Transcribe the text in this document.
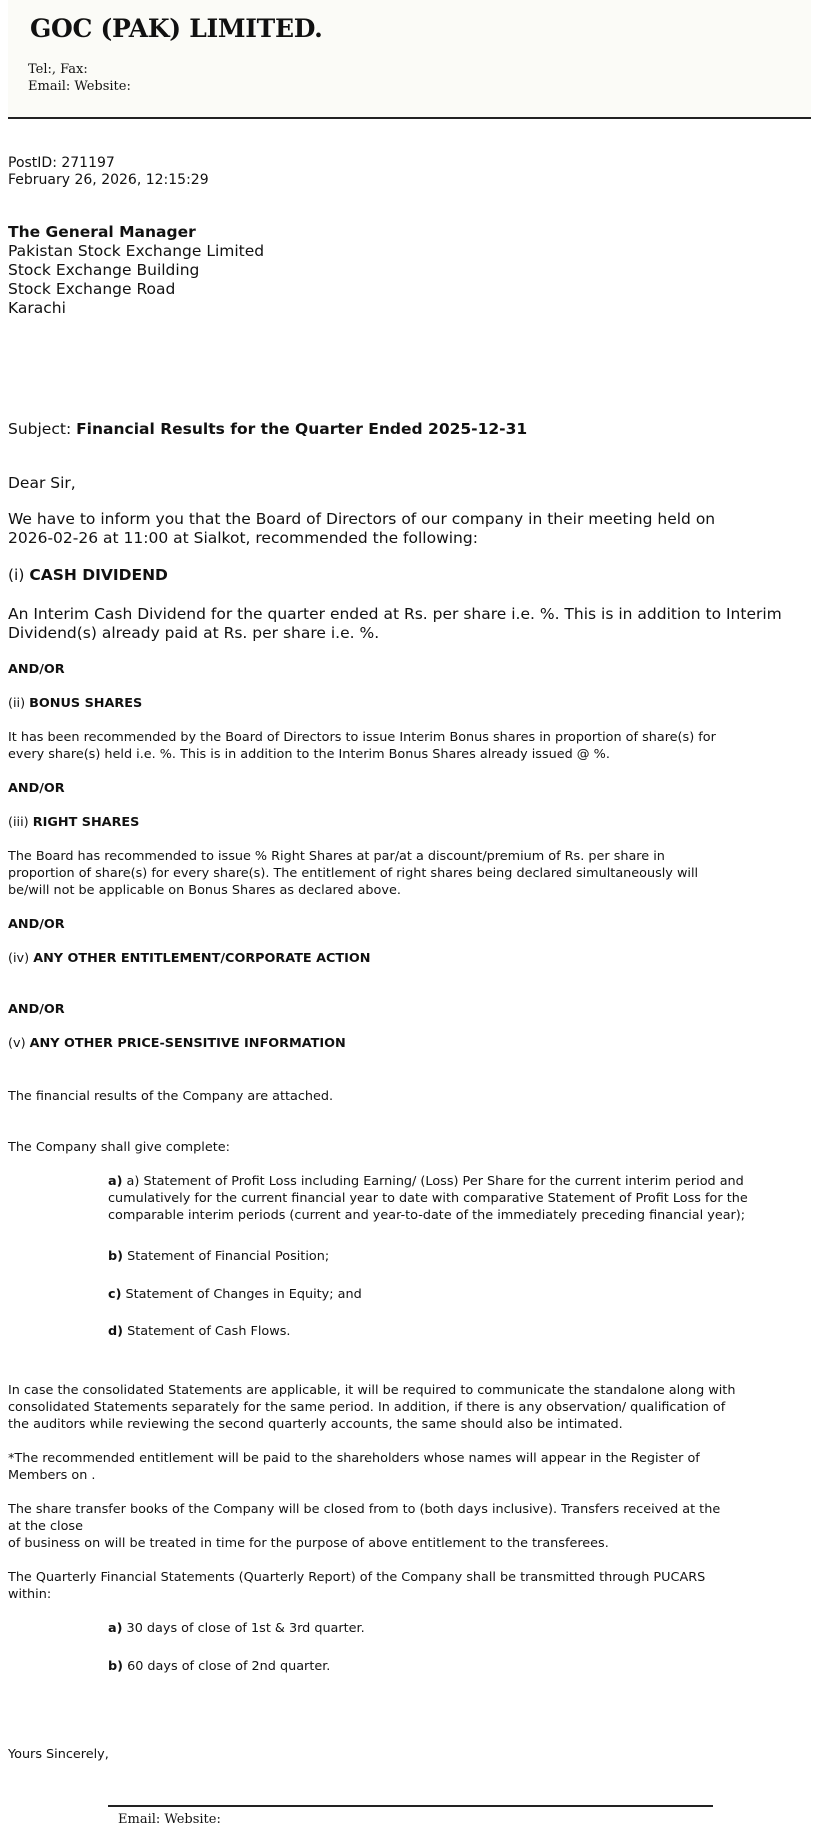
GOC (PAK) LIMITED.
Tel:, Fax:
Email: Website:
PostID: 271197
February 26, 2026, 12:15:29
The General Manager
Pakistan Stock Exchange Limited
Stock Exchange Building
Stock Exchange Road
Karachi
Subject: Financial Results for the Quarter Ended 2025-12-31
Dear Sir,
We have to inform you that the Board of Directors of our company in their meeting held on
2026-02-26 at 11:00 at Sialkot, recommended the following:
(i) CASH DIVIDEND
An Interim Cash Dividend for the quarter ended at Rs. per share i.e. %. This is in addition to Interim
Dividend(s) already paid at Rs. per share i.e. %.
AND/OR
(ii) BONUS SHARES
It has been recommended by the Board of Directors to issue Interim Bonus shares in proportion of share(s) for
every share(s) held i.e. %. This is in addition to the Interim Bonus Shares already issued @ %.
AND/OR
(iii) RIGHT SHARES
The Board has recommended to issue % Right Shares at par/at a discount/premium of Rs. per share in
proportion of share(s) for every share(s). The entitlement of right shares being declared simultaneously will
be/will not be applicable on Bonus Shares as declared above.
AND/OR
(iv) ANY OTHER ENTITLEMENT/CORPORATE ACTION
AND/OR
(v) ANY OTHER PRICE-SENSITIVE INFORMATION
The financial results of the Company are attached.
The Company shall give complete:
a) a) Statement of Profit Loss including Earning/ (Loss) Per Share for the current interim period and
cumulatively for the current financial year to date with comparative Statement of Profit Loss for the
comparable interim periods (current and year-to-date of the immediately preceding financial year);
b) Statement of Financial Position;
c) Statement of Changes in Equity; and
d) Statement of Cash Flows.
In case the consolidated Statements are applicable, it will be required to communicate the standalone along with
consolidated Statements separately for the same period. In addition, if there is any observation/ qualification of
the auditors while reviewing the second quarterly accounts, the same should also be intimated.
*The recommended entitlement will be paid to the shareholders whose names will appear in the Register of
Members on .
The share transfer books of the Company will be closed from to (both days inclusive). Transfers received at the
at the close
of business on will be treated in time for the purpose of above entitlement to the transferees.
The Quarterly Financial Statements (Quarterly Report) of the Company shall be transmitted through PUCARS
within:
a) 30 days of close of 1st & 3rd quarter.
b) 60 days of close of 2nd quarter.
Yours Sincerely,
Email: Website:
